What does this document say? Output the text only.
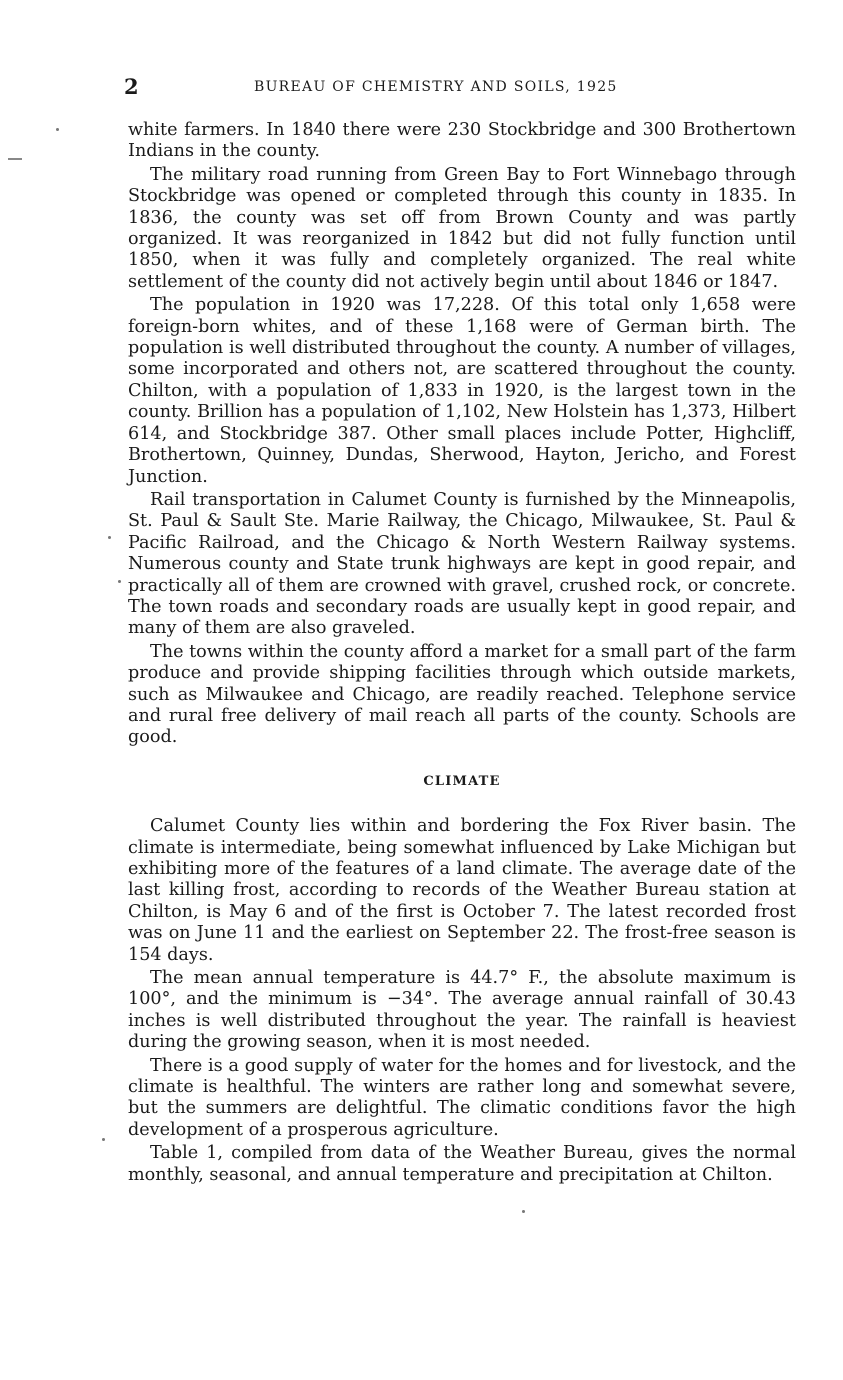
2	BUREAU OF CHEMISTRY AND SOILS, 1925

white farmers. In 1840 there were 230 Stockbridge and 300 Brothertown Indians in the county.

The military road running from Green Bay to Fort Winnebago through Stockbridge was opened or completed through this county in 1835. In 1836, the county was set off from Brown County and was partly organized. It was reorganized in 1842 but did not fully function until 1850, when it was fully and completely organized. The real white settlement of the county did not actively begin until about 1846 or 1847.

The population in 1920 was 17,228. Of this total only 1,658 were foreign-born whites, and of these 1,168 were of German birth. The population is well distributed throughout the county. A number of villages, some incorporated and others not, are scattered throughout the county. Chilton, with a population of 1,833 in 1920, is the largest town in the county. Brillion has a population of 1,102, New Holstein has 1,373, Hilbert 614, and Stockbridge 387. Other small places include Potter, Highcliff, Brothertown, Quinney, Dundas, Sherwood, Hayton, Jericho, and Forest Junction.

Rail transportation in Calumet County is furnished by the Minneapolis, St. Paul & Sault Ste. Marie Railway, the Chicago, Milwaukee, St. Paul & Pacific Railroad, and the Chicago & North Western Railway systems. Numerous county and State trunk highways are kept in good repair, and practically all of them are crowned with gravel, crushed rock, or concrete. The town roads and secondary roads are usually kept in good repair, and many of them are also graveled.

The towns within the county afford a market for a small part of the farm produce and provide shipping facilities through which outside markets, such as Milwaukee and Chicago, are readily reached. Telephone service and rural free delivery of mail reach all parts of the county. Schools are good.

CLIMATE

Calumet County lies within and bordering the Fox River basin. The climate is intermediate, being somewhat influenced by Lake Michigan but exhibiting more of the features of a land climate. The average date of the last killing frost, according to records of the Weather Bureau station at Chilton, is May 6 and of the first is October 7. The latest recorded frost was on June 11 and the earliest on September 22. The frost-free season is 154 days.

The mean annual temperature is 44.7° F., the absolute maximum is 100°, and the minimum is −34°. The average annual rainfall of 30.43 inches is well distributed throughout the year. The rainfall is heaviest during the growing season, when it is most needed.

There is a good supply of water for the homes and for livestock, and the climate is healthful. The winters are rather long and somewhat severe, but the summers are delightful. The climatic conditions favor the high development of a prosperous agriculture.

Table 1, compiled from data of the Weather Bureau, gives the normal monthly, seasonal, and annual temperature and precipitation at Chilton.
